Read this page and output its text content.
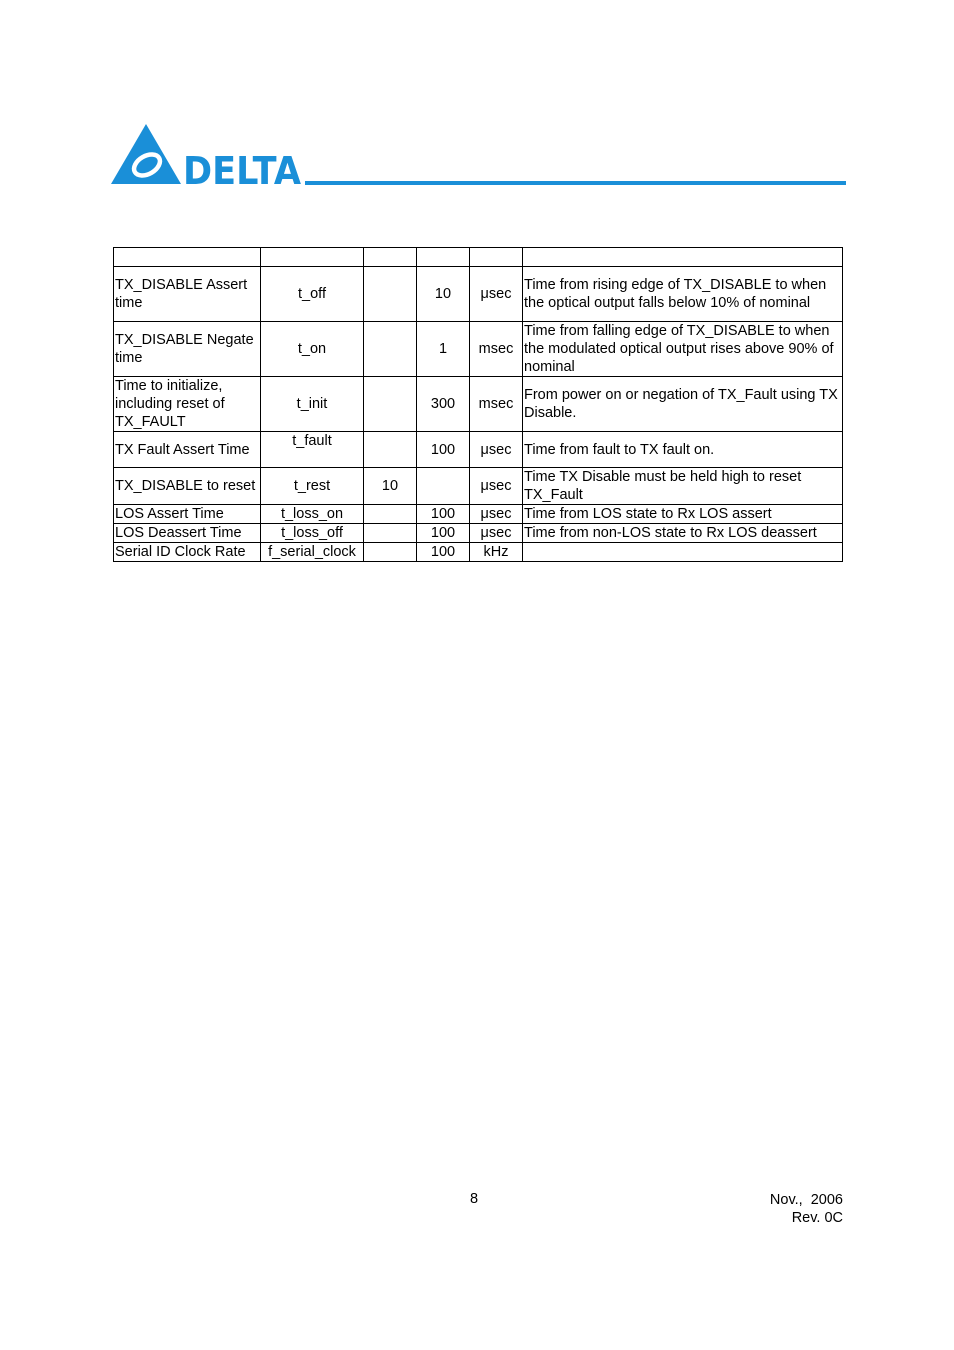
DELTA

TX_DISABLE Assert time	t_off		10	μsec	Time from rising edge of TX_DISABLE to when the optical output falls below 10% of nominal
TX_DISABLE Negate time	t_on		1	msec	Time from falling edge of TX_DISABLE to when the modulated optical output rises above 90% of nominal
Time to initialize, including reset of TX_FAULT	t_init		300	msec	From power on or negation of TX_Fault using TX Disable.
TX Fault Assert Time	t_fault		100	μsec	Time from fault to TX fault on.
TX_DISABLE to reset	t_rest	10		μsec	Time TX Disable must be held high to reset TX_Fault
LOS Assert Time	t_loss_on		100	μsec	Time from LOS state to Rx LOS assert
LOS Deassert Time	t_loss_off		100	μsec	Time from non-LOS state to Rx LOS deassert
Serial ID Clock Rate	f_serial_clock		100	kHz	
8	Nov.,  2006
Rev. 0C
